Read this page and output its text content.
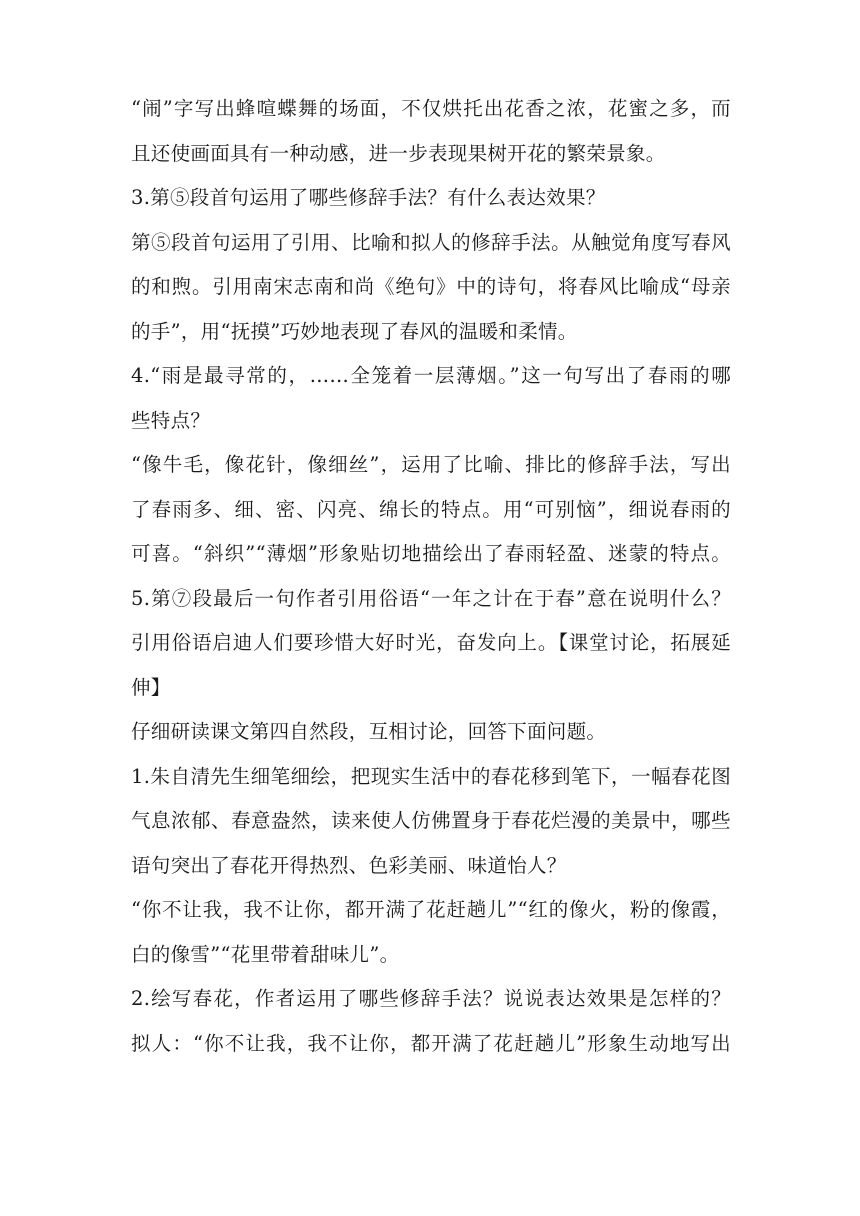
“闹”字写出蜂喧蝶舞的场面，不仅烘托出花香之浓，花蜜之多，而
且还使画面具有一种动感，进一步表现果树开花的繁荣景象。
3.第⑤段首句运用了哪些修辞手法？有什么表达效果？
第⑤段首句运用了引用、比喻和拟人的修辞手法。从触觉角度写春风
的和煦。引用南宋志南和尚《绝句》中的诗句，将春风比喻成“母亲
的手”，用“抚摸”巧妙地表现了春风的温暖和柔情。
4.“雨是最寻常的，……全笼着一层薄烟。”这一句写出了春雨的哪
些特点？
“像牛毛，像花针，像细丝”，运用了比喻、排比的修辞手法，写出
了春雨多、细、密、闪亮、绵长的特点。用“可别恼”，细说春雨的
可喜。“斜织”“薄烟”形象贴切地描绘出了春雨轻盈、迷蒙的特点。
5.第⑦段最后一句作者引用俗语“一年之计在于春”意在说明什么？
引用俗语启迪人们要珍惜大好时光，奋发向上。【课堂讨论，拓展延
伸】
仔细研读课文第四自然段，互相讨论，回答下面问题。
1.朱自清先生细笔细绘，把现实生活中的春花移到笔下，一幅春花图
气息浓郁、春意盎然，读来使人仿佛置身于春花烂漫的美景中，哪些
语句突出了春花开得热烈、色彩美丽、味道怡人？
“你不让我，我不让你，都开满了花赶趟儿”“红的像火，粉的像霞，
白的像雪”“花里带着甜味儿”。
2.绘写春花，作者运用了哪些修辞手法？说说表达效果是怎样的？
拟人：“你不让我，我不让你，都开满了花赶趟儿”形象生动地写出
